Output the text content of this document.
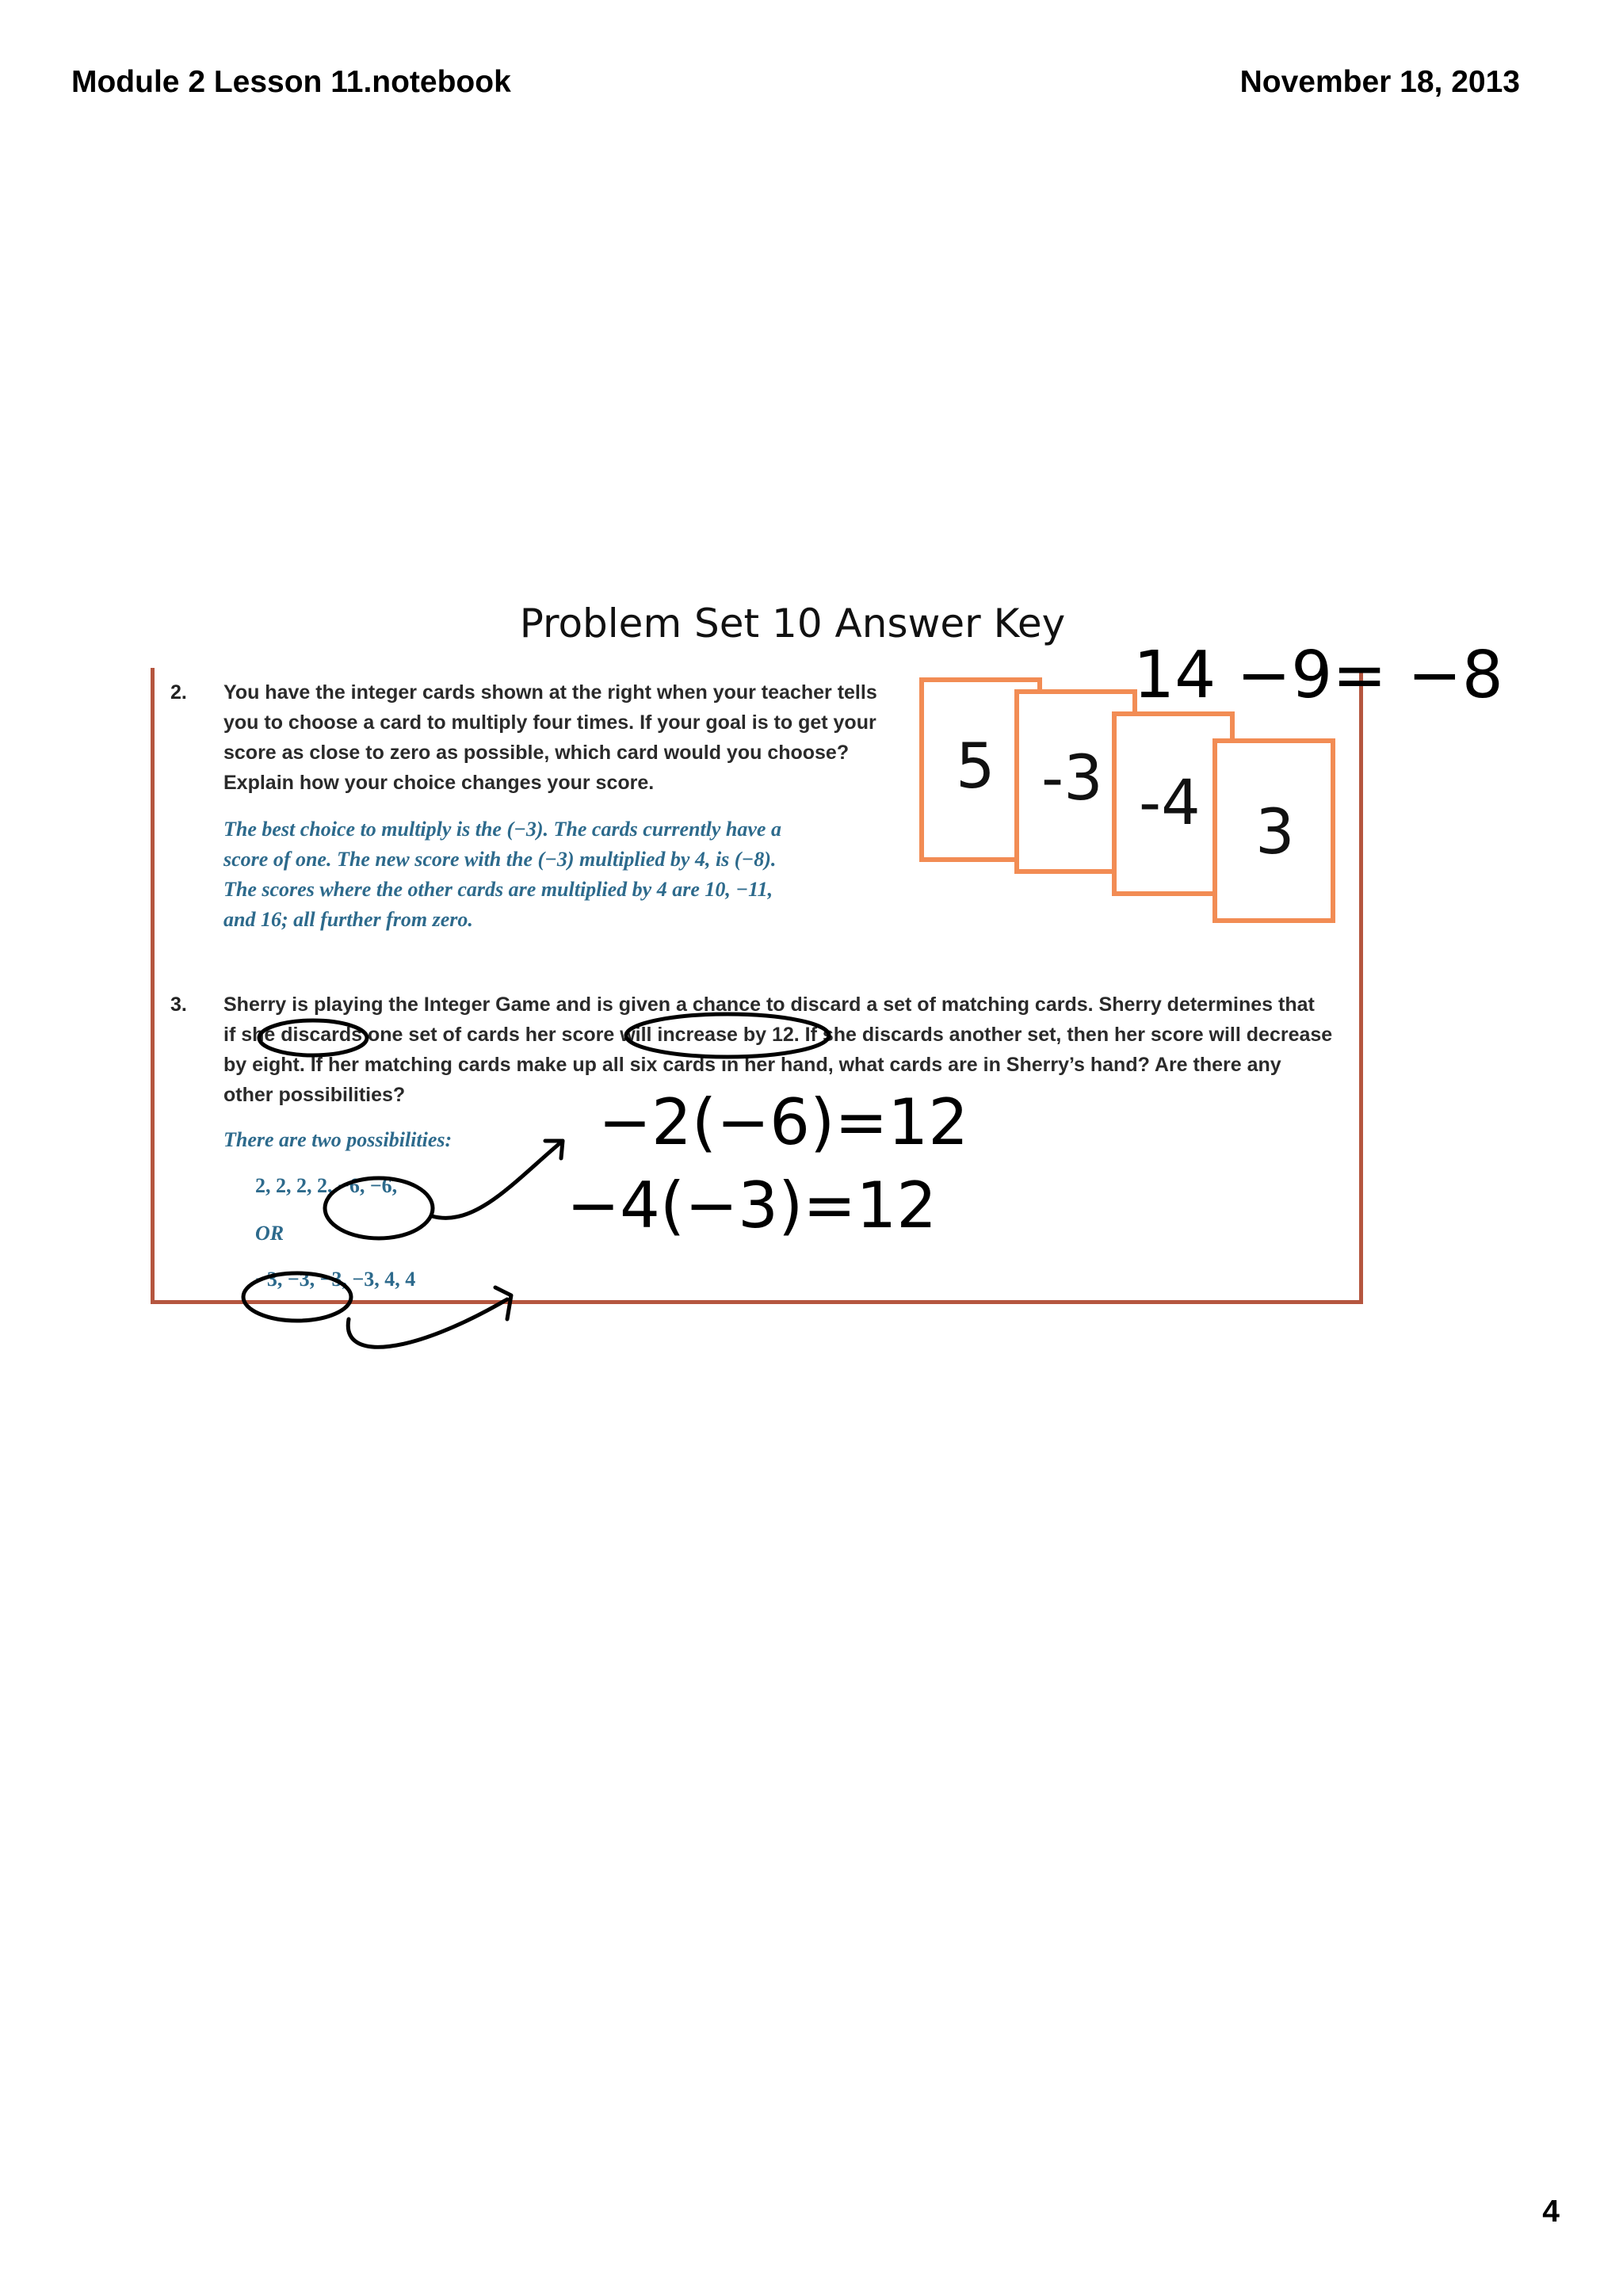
Module 2 Lesson 11.notebook	November 18, 2013
Problem Set 10 Answer Key
2. You have the integer cards shown at the right when your teacher tells
you to choose a card to multiply four times. If your goal is to get your
score as close to zero as possible, which card would you choose?
Explain how your choice changes your score.
The best choice to multiply is the (−3). The cards currently have a
score of one. The new score with the (−3) multiplied by 4, is (−8).
The scores where the other cards are multiplied by 4 are 10, −11,
and 16; all further from zero.
5 -3 -4 3
3. Sherry is playing the Integer Game and is given a chance to discard a set of matching cards. Sherry determines that
if she discards one set of cards her score will increase by 12. If she discards another set, then her score will decrease
by eight. If her matching cards make up all six cards in her hand, what cards are in Sherry’s hand? Are there any
other possibilities?
There are two possibilities:
2, 2, 2, 2, −6, −6,
OR
−3, −3, −3, −3, 4, 4
14 −9= −8
−2(−6)=12
−4(−3)=12
4
